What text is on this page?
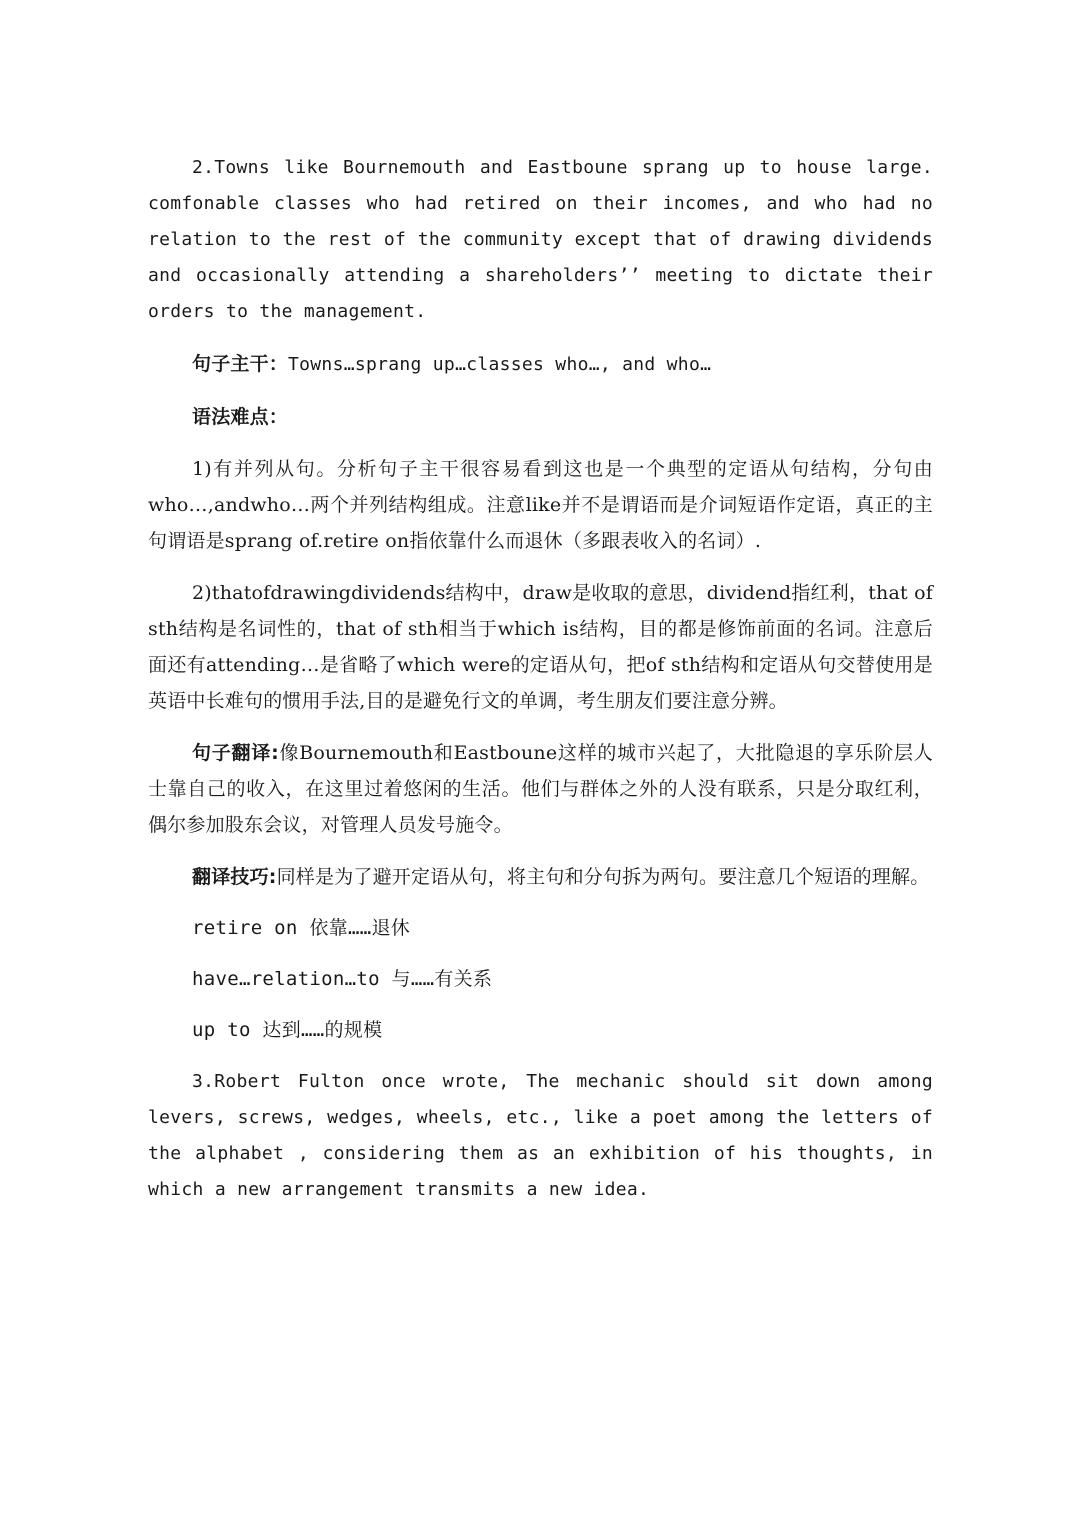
2.Towns like Bournemouth and Eastboune sprang up to house large. comfonable classes who had retired on their incomes, and who had no relation to the rest of the community except that of drawing dividends and occasionally attending a shareholders’’ meeting to dictate their orders to the management.

句子主干：Towns…sprang up…classes who…, and who…

语法难点：

1)有并列从句。分析句子主干很容易看到这也是一个典型的定语从句结构，分句由who…,andwho…两个并列结构组成。注意like并不是谓语而是介词短语作定语，真正的主句谓语是sprang of.retire on指依靠什么而退休（多跟表收入的名词）.

2)thatofdrawingdividends结构中，draw是收取的意思，dividend指红利，that of sth结构是名词性的，that of sth相当于which is结构，目的都是修饰前面的名词。注意后面还有attending…是省略了which were的定语从句，把of sth结构和定语从句交替使用是英语中长难句的惯用手法,目的是避免行文的单调，考生朋友们要注意分辨。

句子翻译:像Bournemouth和Eastboune这样的城市兴起了，大批隐退的享乐阶层人士靠自己的收入，在这里过着悠闲的生活。他们与群体之外的人没有联系，只是分取红利，偶尔参加股东会议，对管理人员发号施令。

翻译技巧:同样是为了避开定语从句，将主句和分句拆为两句。要注意几个短语的理解。

retire on 依靠……退休

have…relation…to 与……有关系

up to 达到……的规模

3.Robert Fulton once wrote, The mechanic should sit down among levers, screws, wedges, wheels, etc., like a poet among the letters of the alphabet , considering them as an exhibition of his thoughts, in which a new arrangement transmits a new idea.
